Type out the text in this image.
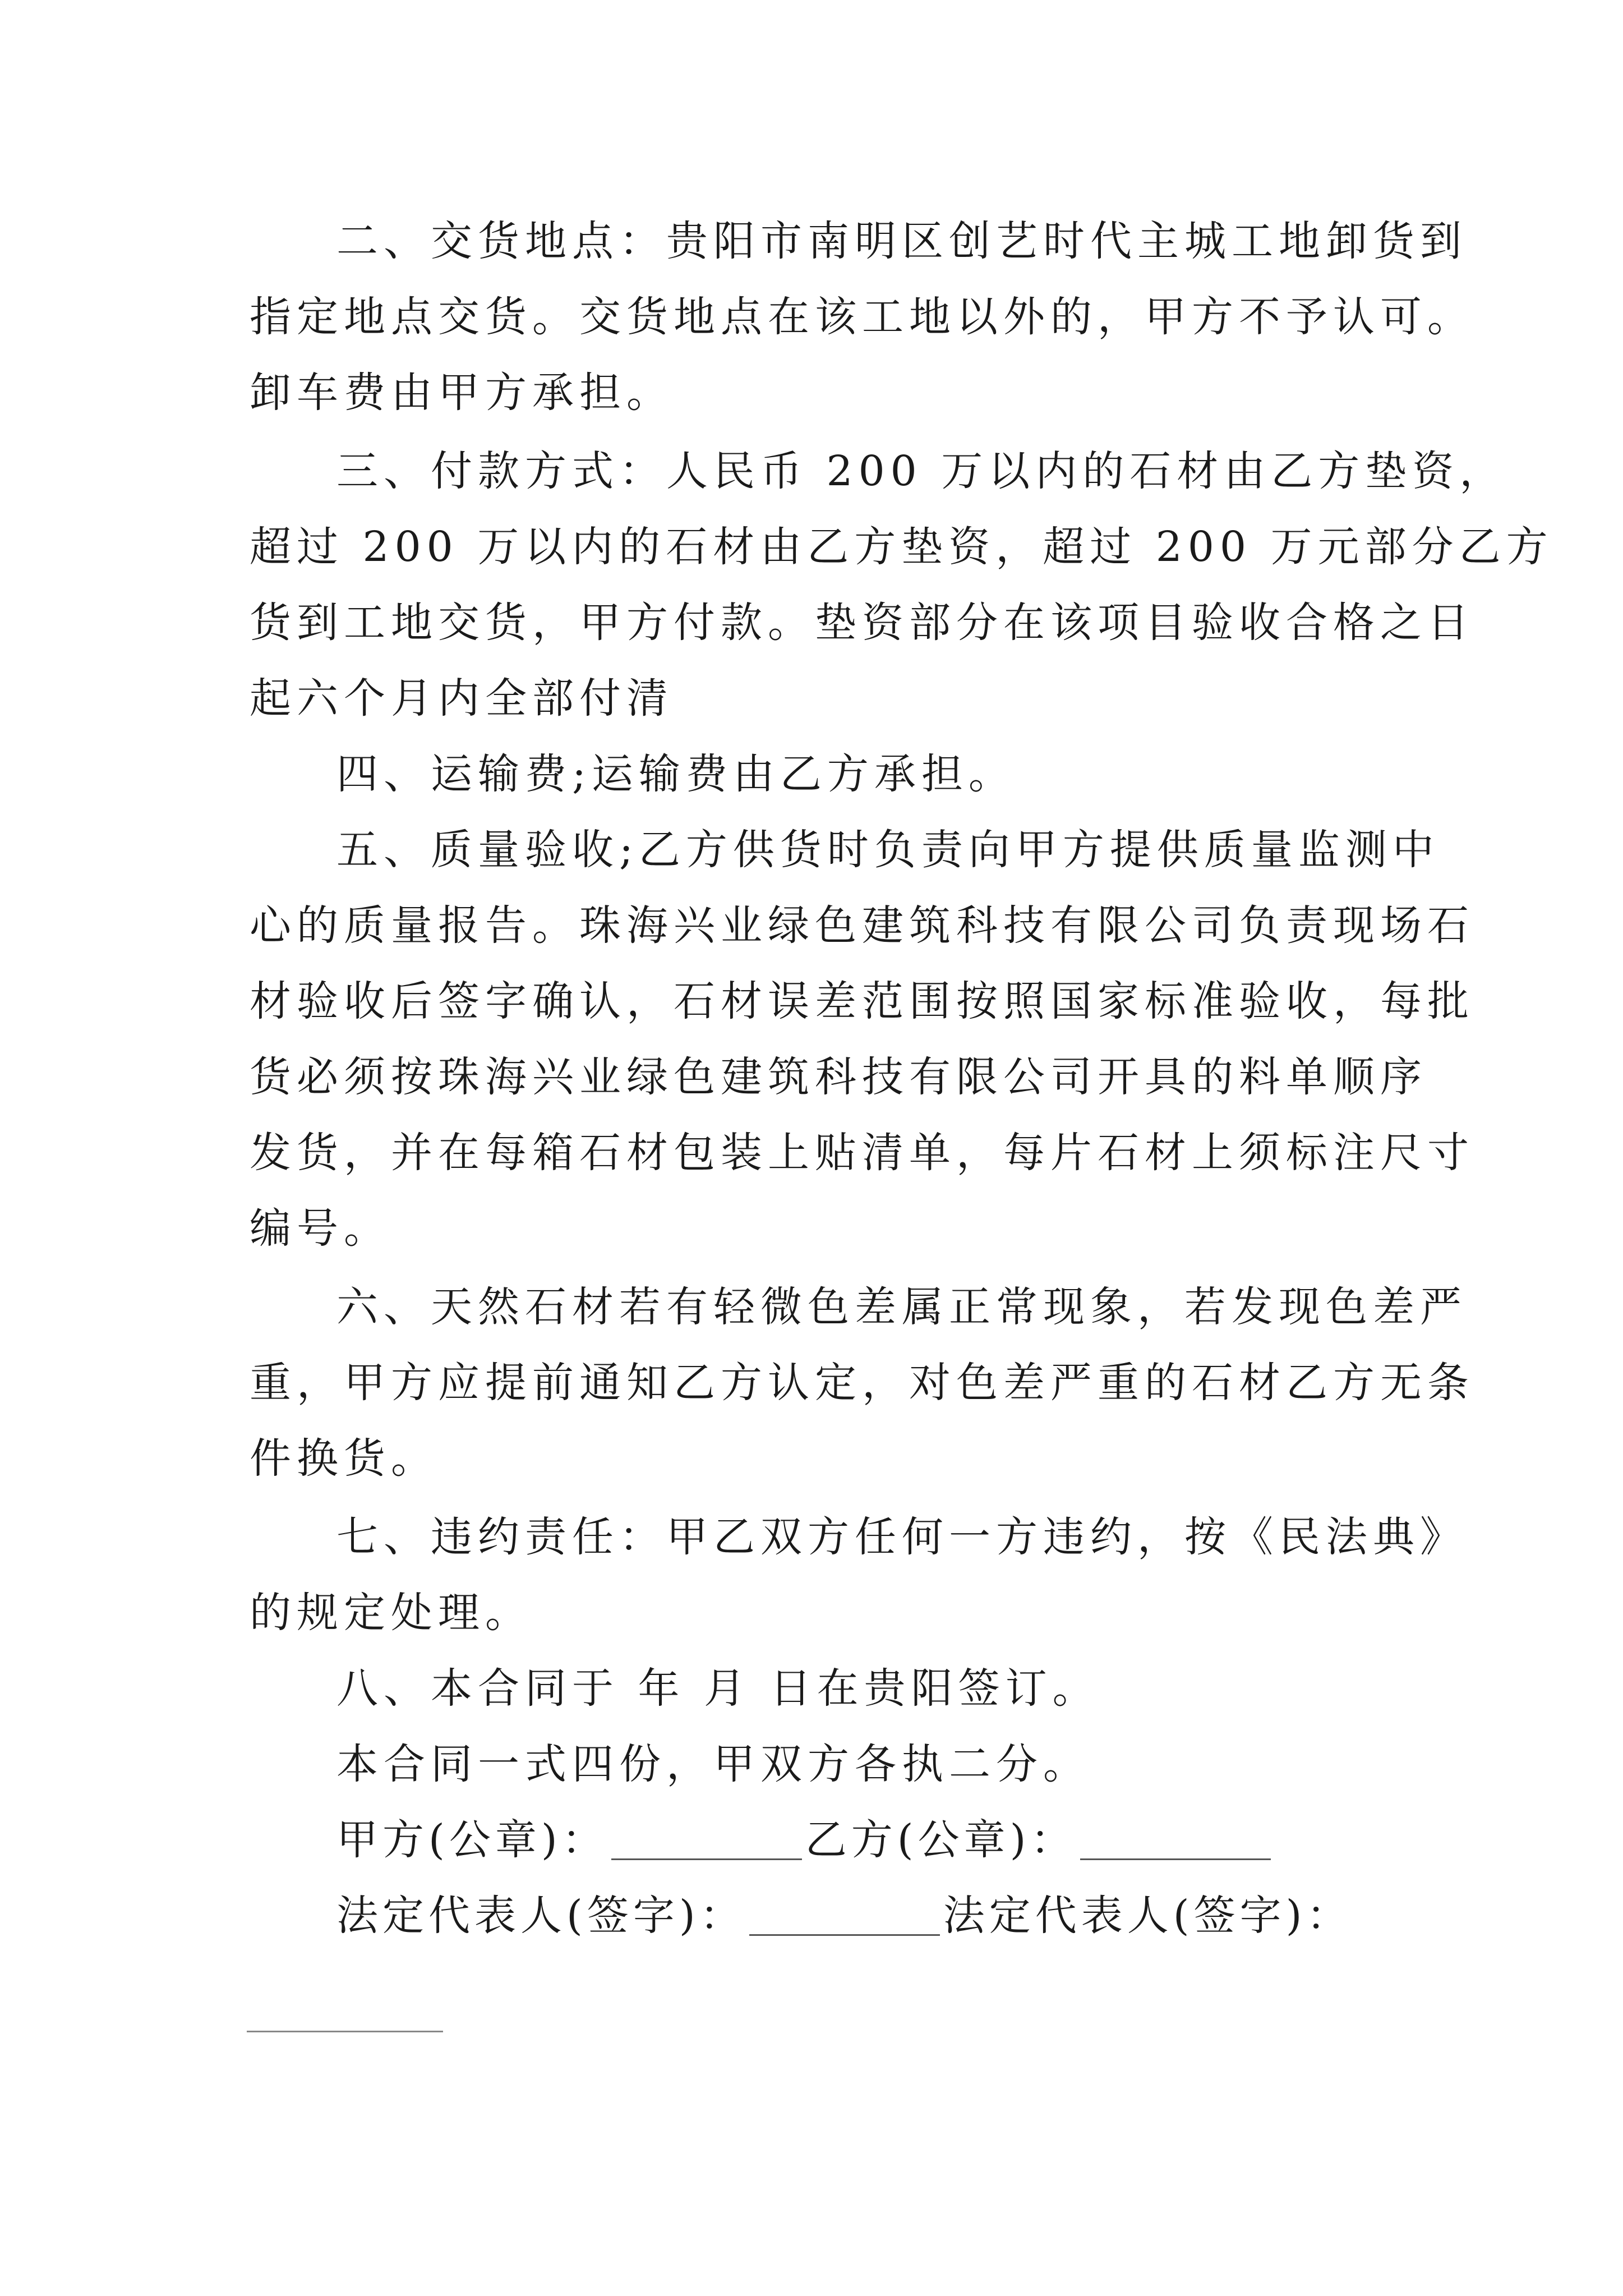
二、交货地点：贵阳市南明区创艺时代主城工地卸货到
指定地点交货。交货地点在该工地以外的，甲方不予认可。
卸车费由甲方承担。
三、付款方式：人民币 200 万以内的石材由乙方垫资，
超过 200 万以内的石材由乙方垫资，超过 200 万元部分乙方
货到工地交货，甲方付款。垫资部分在该项目验收合格之日
起六个月内全部付清
四、运输费;运输费由乙方承担。
五、质量验收;乙方供货时负责向甲方提供质量监测中
心的质量报告。珠海兴业绿色建筑科技有限公司负责现场石
材验收后签字确认，石材误差范围按照国家标准验收，每批
货必须按珠海兴业绿色建筑科技有限公司开具的料单顺序
发货，并在每箱石材包装上贴清单，每片石材上须标注尺寸
编号。
六、天然石材若有轻微色差属正常现象，若发现色差严
重，甲方应提前通知乙方认定，对色差严重的石材乙方无条
件换货。
七、违约责任：甲乙双方任何一方违约，按《民法典》
的规定处理。
八、本合同于 年 月 日在贵阳签订。
本合同一式四份，甲双方各执二分。
甲方(公章)：	乙方(公章)：
法定代表人(签字)：	法定代表人(签字)：
